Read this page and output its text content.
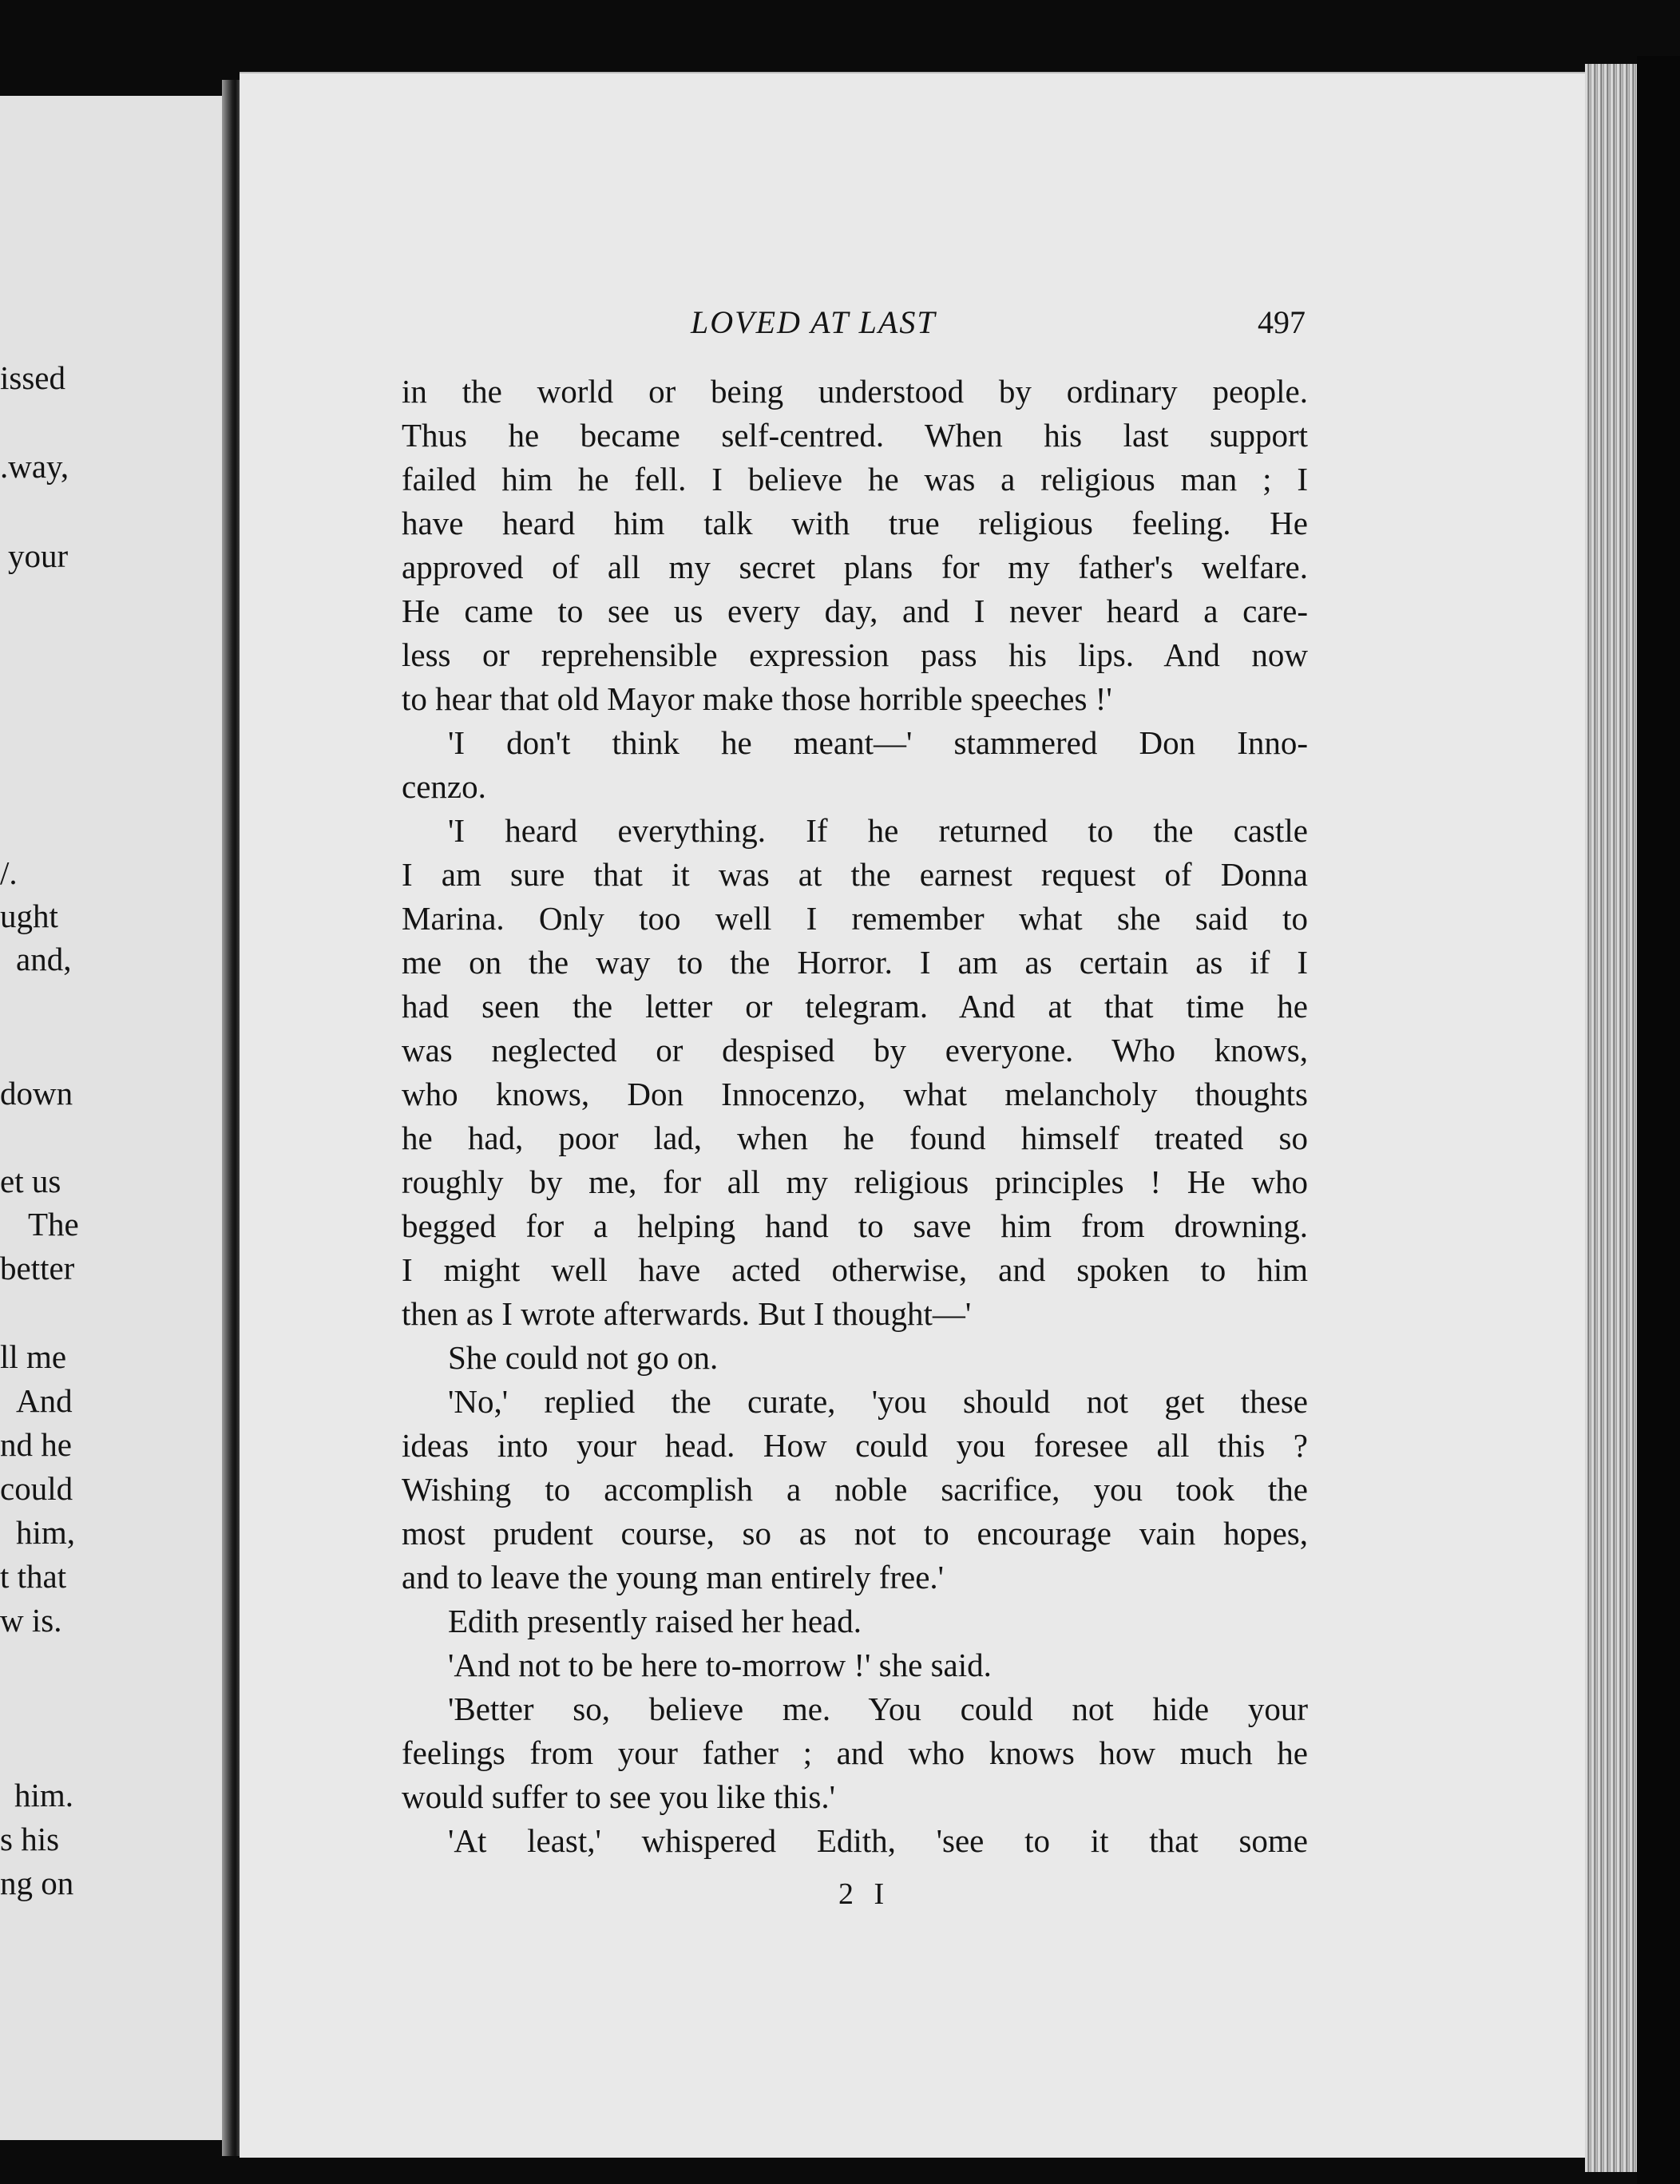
issed
.way,
your
/.
ught
and,
down
et us
The
better
ll me
And
nd he
could
him,
t that
w is.
him.
s his
ng on
LOVED AT LAST	497
in the world or being understood by ordinary people.
Thus he became self-centred. When his last support
failed him he fell. I believe he was a religious man ; I
have heard him talk with true religious feeling. He
approved of all my secret plans for my father's welfare.
He came to see us every day, and I never heard a care-
less or reprehensible expression pass his lips. And now
to hear that old Mayor make those horrible speeches !'
'I don't think he meant—' stammered Don Inno-
cenzo.
'I heard everything. If he returned to the castle
I am sure that it was at the earnest request of Donna
Marina. Only too well I remember what she said to
me on the way to the Horror. I am as certain as if I
had seen the letter or telegram. And at that time he
was neglected or despised by everyone. Who knows,
who knows, Don Innocenzo, what melancholy thoughts
he had, poor lad, when he found himself treated so
roughly by me, for all my religious principles ! He who
begged for a helping hand to save him from drowning.
I might well have acted otherwise, and spoken to him
then as I wrote afterwards. But I thought—'
She could not go on.
'No,' replied the curate, 'you should not get these
ideas into your head. How could you foresee all this ?
Wishing to accomplish a noble sacrifice, you took the
most prudent course, so as not to encourage vain hopes,
and to leave the young man entirely free.'
Edith presently raised her head.
'And not to be here to-morrow !' she said.
'Better so, believe me. You could not hide your
feelings from your father ; and who knows how much he
would suffer to see you like this.'
'At least,' whispered Edith, 'see to it that some
2 I
